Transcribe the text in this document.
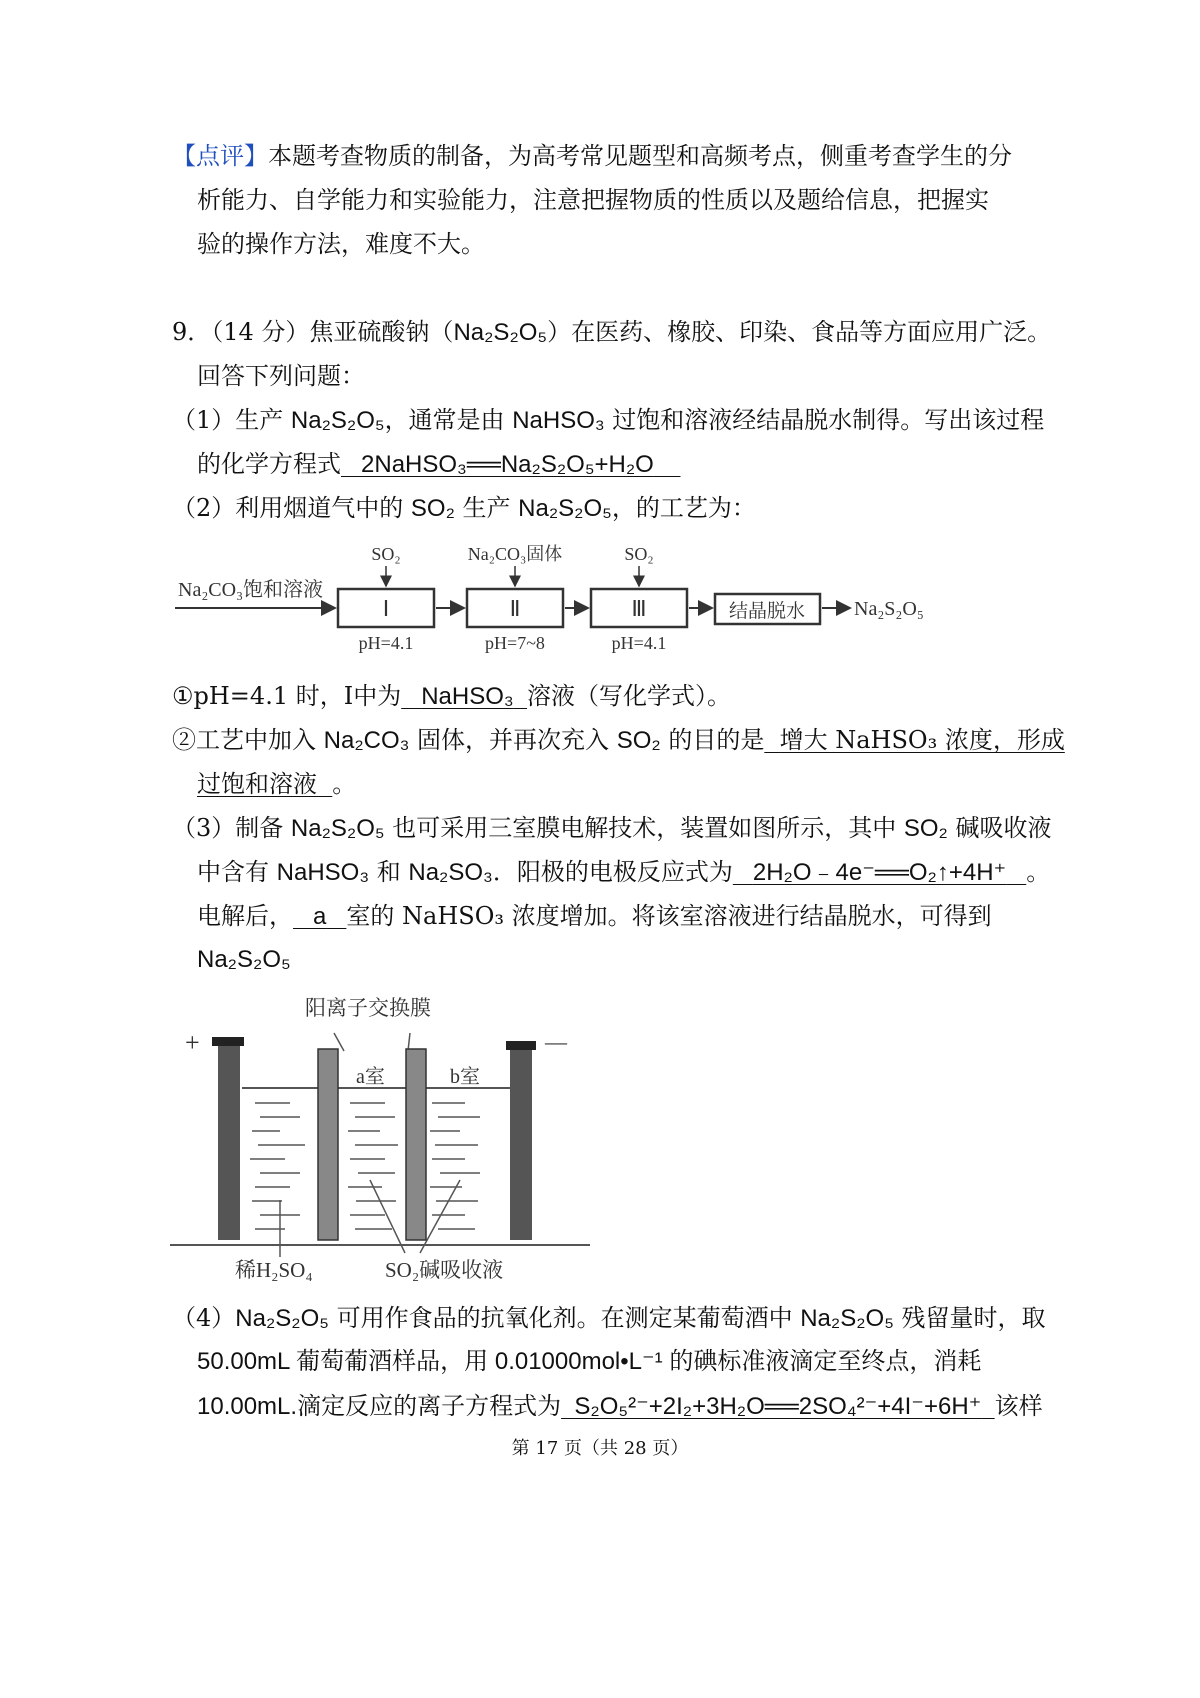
【点评】本题考查物质的制备，为高考常见题型和高频考点，侧重考查学生的分
析能力、自学能力和实验能力，注意把握物质的性质以及题给信息，把握实
验的操作方法，难度不大。
9．（14 分）焦亚硫酸钠（Na₂S₂O₅）在医药、橡胶、印染、食品等方面应用广泛。
回答下列问题：
（1）生产 Na₂S₂O₅，通常是由 NaHSO₃ 过饱和溶液经结晶脱水制得。写出该过程
的化学方程式 2NaHSO₃══Na₂S₂O₅+H₂O
（2）利用烟道气中的 SO₂ 生产 Na₂S₂O₅，的工艺为：
Na₂CO₃饱和溶液
Ⅰ
SO₂
pH=4.1
Ⅱ
Na₂CO₃固体
pH=7~8
Ⅲ
SO₂
pH=4.1
结晶脱水 Na₂S₂O₅
①pH=4.1 时，Ⅰ中为 NaHSO₃ 溶液（写化学式）。
②工艺中加入 Na₂CO₃ 固体，并再次充入 SO₂ 的目的是 增大 NaHSO₃ 浓度，形成
过饱和溶液 。
（3）制备 Na₂S₂O₅ 也可采用三室膜电解技术，装置如图所示，其中 SO₂ 碱吸收液
中含有 NaHSO₃ 和 Na₂SO₃．阳极的电极反应式为 2H₂O﹣4e⁻══O₂↑+4H⁺ 。
电解后， a 室的 NaHSO₃ 浓度增加。将该室溶液进行结晶脱水，可得到
Na₂S₂O₅
+	—
阳离子交换膜
a室	b室
稀H₂SO₄	SO₂碱吸收液
（4）Na₂S₂O₅ 可用作食品的抗氧化剂。在测定某葡萄酒中 Na₂S₂O₅ 残留量时，取
50.00mL 葡萄葡酒样品，用 0.01000mol•L⁻¹ 的碘标准液滴定至终点，消耗
10.00mL.滴定反应的离子方程式为 S₂O₅²⁻+2I₂+3H₂O══2SO₄²⁻+4I⁻+6H⁺ 该样
第 17 页（共 28 页）
